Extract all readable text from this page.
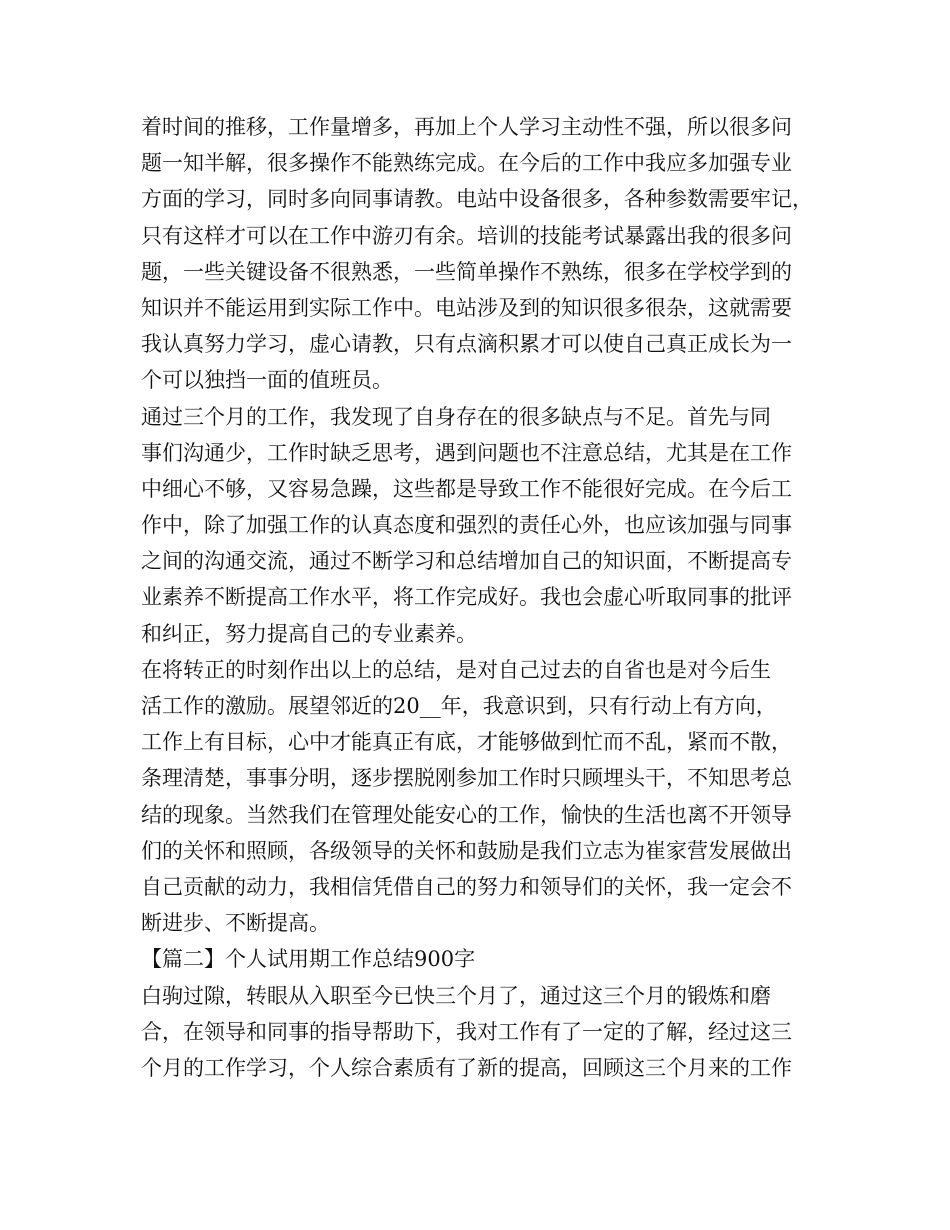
着时间的推移，工作量增多，再加上个人学习主动性不强，所以很多问
题一知半解，很多操作不能熟练完成。在今后的工作中我应多加强专业
方面的学习，同时多向同事请教。电站中设备很多，各种参数需要牢记，
只有这样才可以在工作中游刃有余。培训的技能考试暴露出我的很多问
题，一些关键设备不很熟悉，一些简单操作不熟练，很多在学校学到的
知识并不能运用到实际工作中。电站涉及到的知识很多很杂，这就需要
我认真努力学习，虚心请教，只有点滴积累才可以使自己真正成长为一
个可以独挡一面的值班员。
通过三个月的工作，我发现了自身存在的很多缺点与不足。首先与同
事们沟通少，工作时缺乏思考，遇到问题也不注意总结，尤其是在工作
中细心不够，又容易急躁，这些都是导致工作不能很好完成。在今后工
作中，除了加强工作的认真态度和强烈的责任心外，也应该加强与同事
之间的沟通交流，通过不断学习和总结增加自己的知识面，不断提高专
业素养不断提高工作水平，将工作完成好。我也会虚心听取同事的批评
和纠正，努力提高自己的专业素养。
在将转正的时刻作出以上的总结，是对自己过去的自省也是对今后生
活工作的激励。展望邻近的20__年，我意识到，只有行动上有方向，
工作上有目标，心中才能真正有底，才能够做到忙而不乱，紧而不散，
条理清楚，事事分明，逐步摆脱刚参加工作时只顾埋头干，不知思考总
结的现象。当然我们在管理处能安心的工作，愉快的生活也离不开领导
们的关怀和照顾，各级领导的关怀和鼓励是我们立志为崔家营发展做出
自己贡献的动力，我相信凭借自己的努力和领导们的关怀，我一定会不
断进步、不断提高。
【篇二】个人试用期工作总结900字
白驹过隙，转眼从入职至今已快三个月了，通过这三个月的锻炼和磨
合，在领导和同事的指导帮助下，我对工作有了一定的了解，经过这三
个月的工作学习，个人综合素质有了新的提高，回顾这三个月来的工作
